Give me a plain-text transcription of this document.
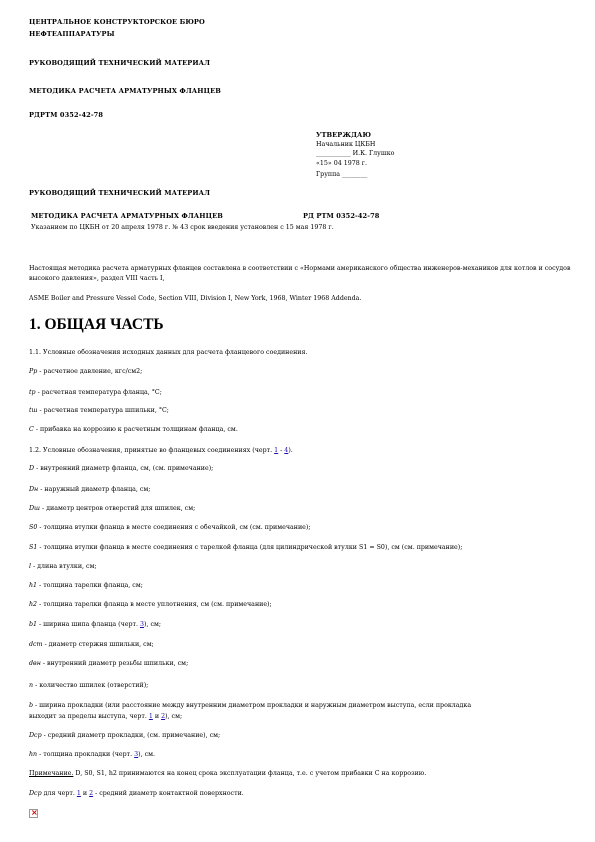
ЦЕНТРАЛЬНОЕ КОНСТРУКТОРСКОЕ БЮРО
НЕФТЕАППАРАТУРЫ
РУКОВОДЯЩИЙ ТЕХНИЧЕСКИЙ МАТЕРИАЛ
МЕТОДИКА РАСЧЕТА АРМАТУРНЫХ ФЛАНЦЕВ
РДРТМ 0352-42-78
УТВЕРЖДАЮ
Начальник ЦКБН
___________ И.К. Глушко
«15» 04 1978 г.
Группа ________
РУКОВОДЯЩИЙ ТЕХНИЧЕСКИЙ МАТЕРИАЛ
МЕТОДИКА РАСЧЕТА АРМАТУРНЫХ ФЛАНЦЕВ	РД РТМ 0352-42-78
Указанием по ЦКБН от 20 апреля 1978 г. № 43 срок введения установлен с 15 мая 1978 г.
Настоящая методика расчета арматурных фланцев составлена в соответствии с «Нормами американского общества инженеров-механиков для котлов и сосудов высокого давления», раздел VIII часть I,
ASME Boiler and Pressure Vessel Code, Section VIII, Division I, New York, 1968, Winter 1968 Addenda.
1. ОБЩАЯ ЧАСТЬ
1.1. Условные обозначения исходных данных для расчета фланцевого соединения.
Рр - расчетное давление, кгс/см2;
tр - расчетная температура фланца, °С;
tш - расчетная температура шпильки, °С;
С - прибавка на коррозию к расчетным толщинам фланца, см.
1.2. Условные обозначения, принятые во фланцевых соединениях (черт. 1 - 4).
D - внутренний диаметр фланца, см, (см. примечание);
Dн - наружный диаметр фланца, см;
Dш - диаметр центров отверстий для шпилек, см;
S0 - толщина втулки фланца в месте соединения с обечайкой, см (см. примечание);
S1 - толщина втулки фланца в месте соединения с тарелкой фланца (для цилиндрической втулки S1 = S0), см (см. примечание);
l - длина втулки, см;
h1 - толщина тарелки фланца, см;
h2 - толщина тарелки фланца в месте уплотнения, см (см. примечание);
b1 - ширина шипа фланца (черт. 3), см;
dст - диаметр стержня шпильки, см;
dвн - внутренний диаметр резьбы шпильки, см;
n - количество шпилек (отверстий);
b - ширина прокладки (или расстояние между внутренним диаметром прокладки и наружным диаметром выступа, если прокладка
выходит за пределы выступа, черт. 1 и 2), см;
Dср - средний диаметр прокладки, (см. примечание), см;
hп - толщина прокладки (черт. 3), см.
Примечание. D, S0, S1, h2 принимаются на конец срока эксплуатации фланца, т.е. с учетом прибавки С на коррозию.
Dср для черт. 1 и 2 - средний диаметр контактной поверхности.
×
